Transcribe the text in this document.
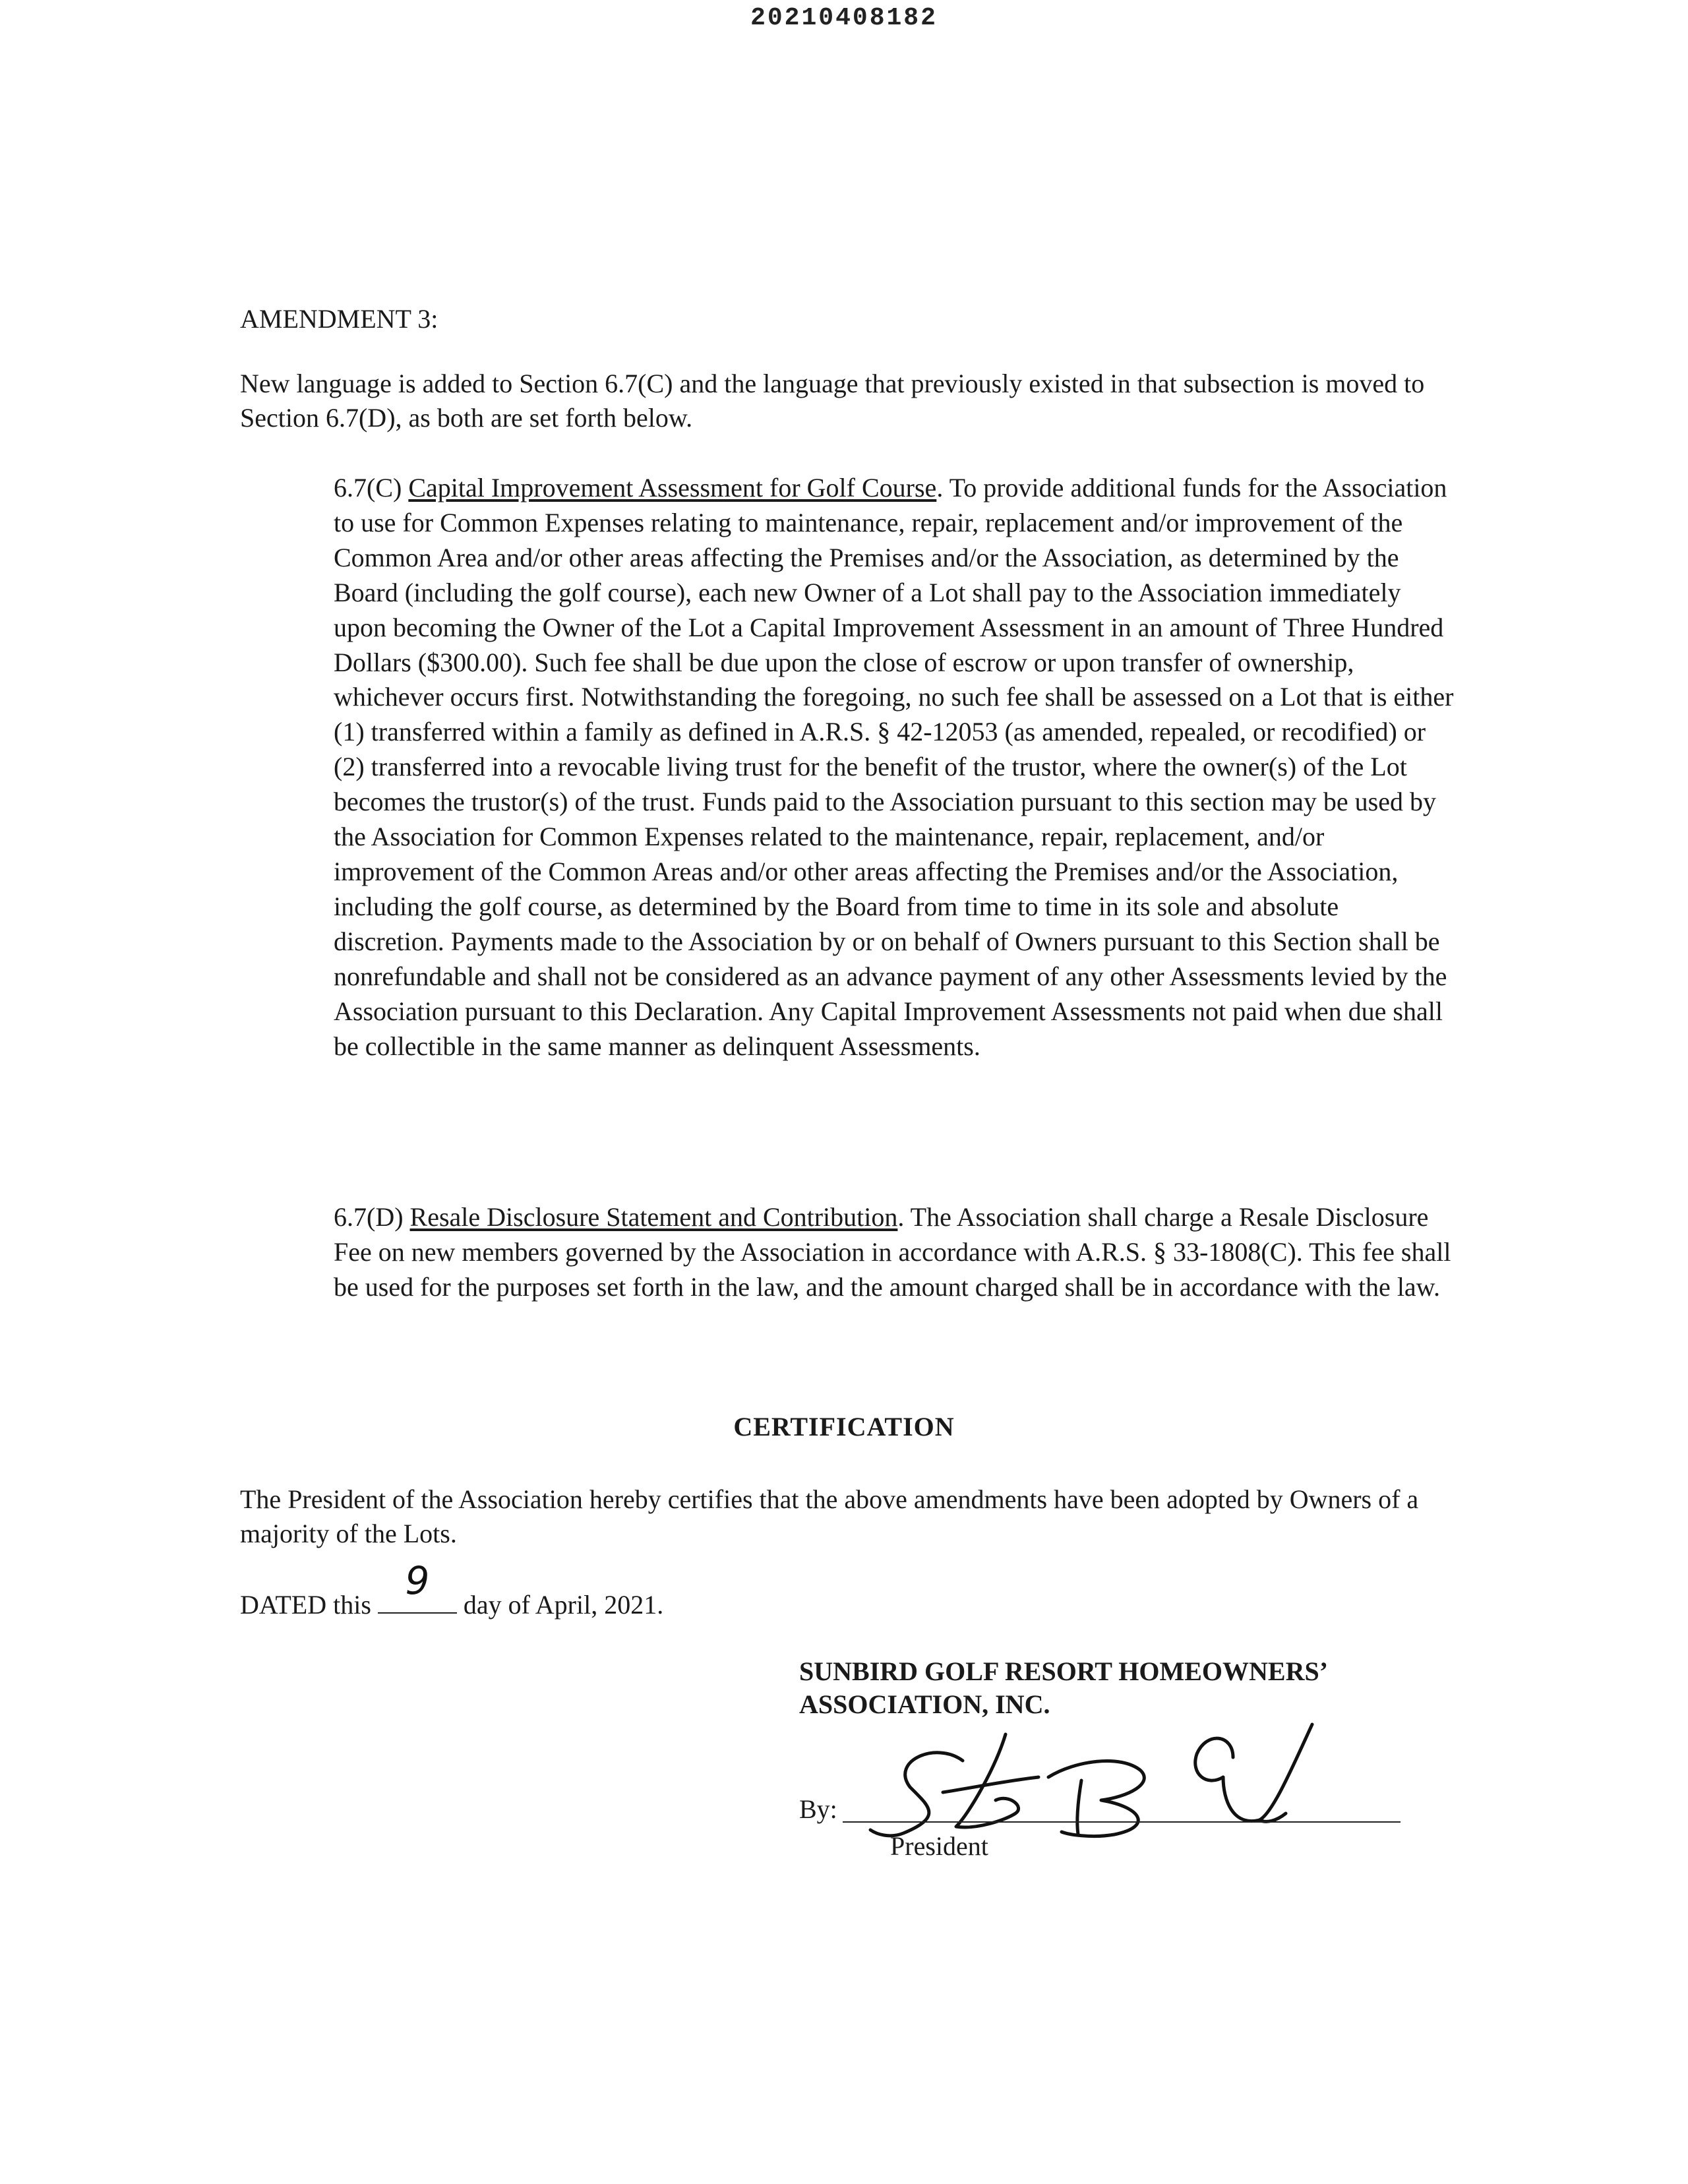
20210408182
AMENDMENT 3:
New language is added to Section 6.7(C) and the language that previously existed in that subsection is moved to Section 6.7(D), as both are set forth below.
6.7(C) Capital Improvement Assessment for Golf Course. To provide additional funds for the Association to use for Common Expenses relating to maintenance, repair, replacement and/or improvement of the Common Area and/or other areas affecting the Premises and/or the Association, as determined by the Board (including the golf course), each new Owner of a Lot shall pay to the Association immediately upon becoming the Owner of the Lot a Capital Improvement Assessment in an amount of Three Hundred Dollars ($300.00). Such fee shall be due upon the close of escrow or upon transfer of ownership, whichever occurs first. Notwithstanding the foregoing, no such fee shall be assessed on a Lot that is either (1) transferred within a family as defined in A.R.S. § 42-12053 (as amended, repealed, or recodified) or (2) transferred into a revocable living trust for the benefit of the trustor, where the owner(s) of the Lot becomes the trustor(s) of the trust. Funds paid to the Association pursuant to this section may be used by the Association for Common Expenses related to the maintenance, repair, replacement, and/or improvement of the Common Areas and/or other areas affecting the Premises and/or the Association, including the golf course, as determined by the Board from time to time in its sole and absolute discretion. Payments made to the Association by or on behalf of Owners pursuant to this Section shall be nonrefundable and shall not be considered as an advance payment of any other Assessments levied by the Association pursuant to this Declaration. Any Capital Improvement Assessments not paid when due shall be collectible in the same manner as delinquent Assessments.
6.7(D) Resale Disclosure Statement and Contribution. The Association shall charge a Resale Disclosure Fee on new members governed by the Association in accordance with A.R.S. § 33-1808(C). This fee shall be used for the purposes set forth in the law, and the amount charged shall be in accordance with the law.
CERTIFICATION
The President of the Association hereby certifies that the above amendments have been adopted by Owners of a majority of the Lots.
DATED this
9
day of April, 2021.
SUNBIRD GOLF RESORT HOMEOWNERS’
ASSOCIATION, INC.
By:
President
